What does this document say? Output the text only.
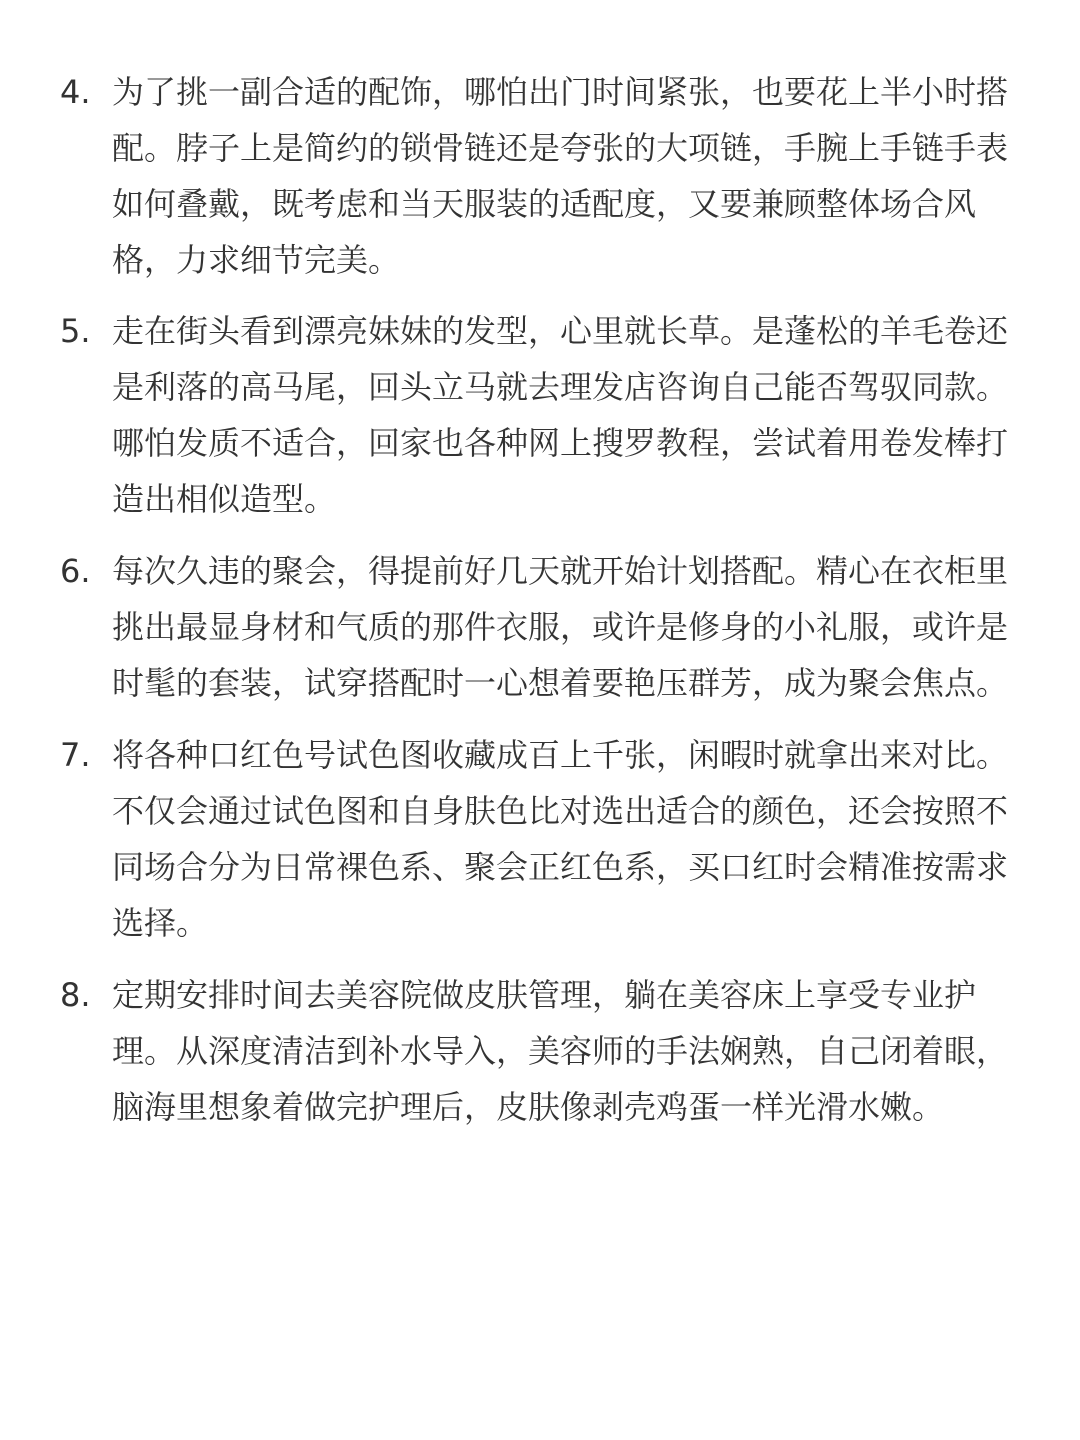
4. 为了挑一副合适的配饰，哪怕出门时间紧张，也要花上半小时搭
配。脖子上是简约的锁骨链还是夸张的大项链，手腕上手链手表
如何叠戴，既考虑和当天服装的适配度，又要兼顾整体场合风
格，力求细节完美。
5. 走在街头看到漂亮妹妹的发型，心里就长草。是蓬松的羊毛卷还
是利落的高马尾，回头立马就去理发店咨询自己能否驾驭同款。
哪怕发质不适合，回家也各种网上搜罗教程，尝试着用卷发棒打
造出相似造型。
6. 每次久违的聚会，得提前好几天就开始计划搭配。精心在衣柜里
挑出最显身材和气质的那件衣服，或许是修身的小礼服，或许是
时髦的套装，试穿搭配时一心想着要艳压群芳，成为聚会焦点。
7. 将各种口红色号试色图收藏成百上千张，闲暇时就拿出来对比。
不仅会通过试色图和自身肤色比对选出适合的颜色，还会按照不
同场合分为日常裸色系、聚会正红色系，买口红时会精准按需求
选择。
8. 定期安排时间去美容院做皮肤管理，躺在美容床上享受专业护
理。从深度清洁到补水导入，美容师的手法娴熟，自己闭着眼，
脑海里想象着做完护理后，皮肤像剥壳鸡蛋一样光滑水嫩。
